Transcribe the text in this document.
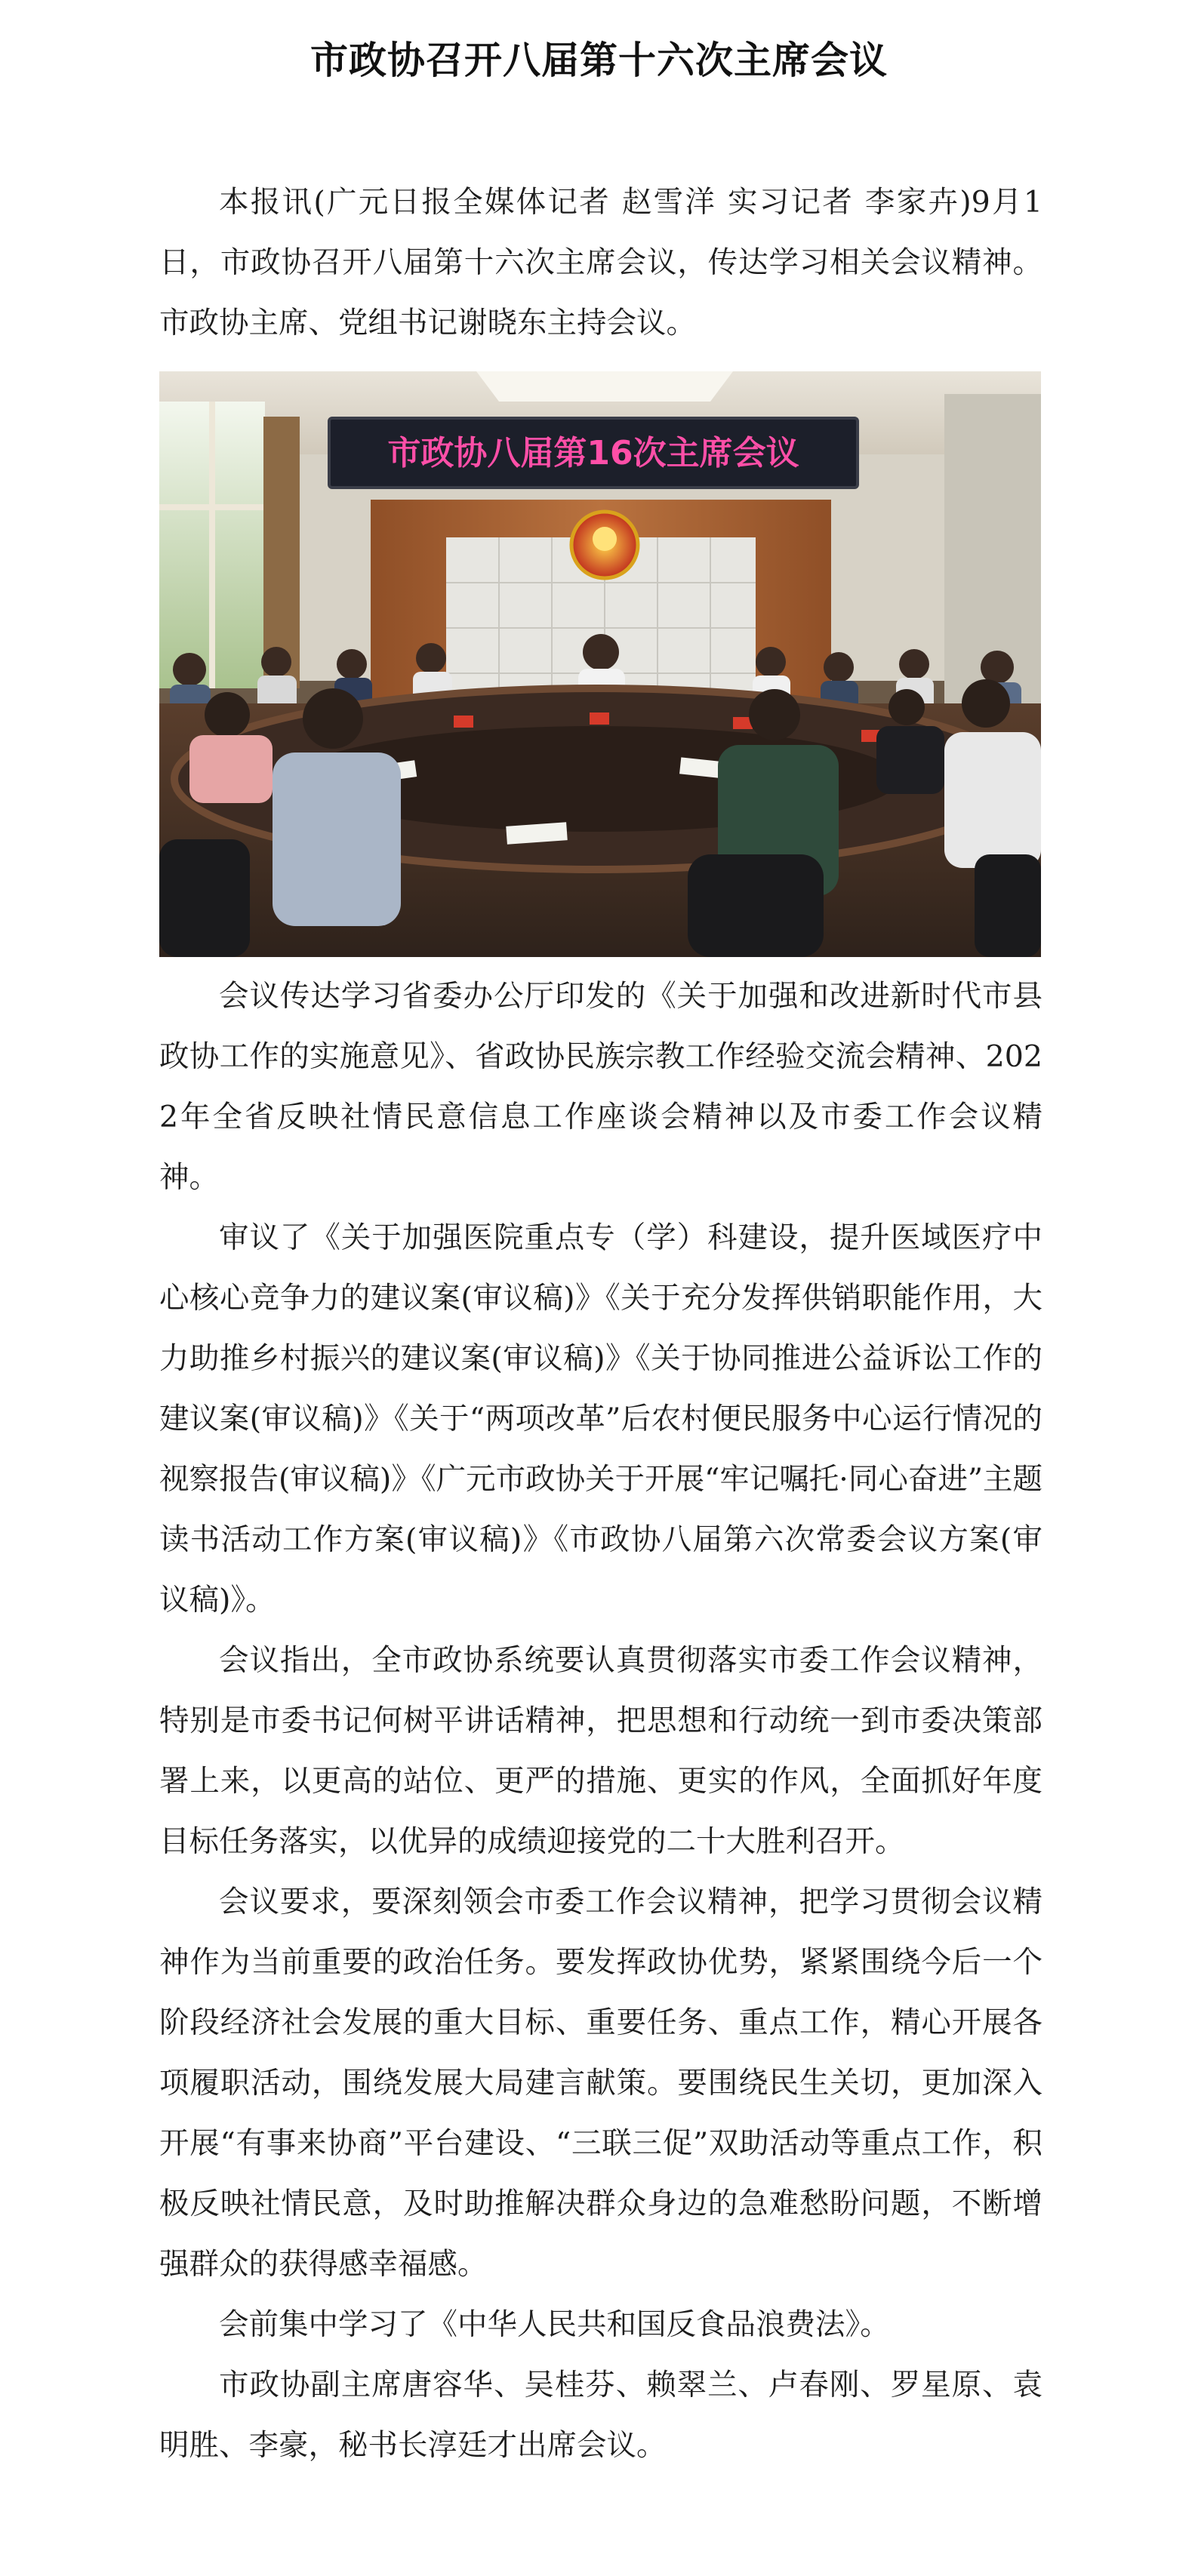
市政协召开八届第十六次主席会议

本报讯(广元日报全媒体记者 赵雪洋 实习记者 李家卉)9月1日，市政协召开八届第十六次主席会议，传达学习相关会议精神。市政协主席、党组书记谢晓东主持会议。

市政协八届第16次主席会议

会议传达学习省委办公厅印发的《关于加强和改进新时代市县政协工作的实施意见》、省政协民族宗教工作经验交流会精神、2022年全省反映社情民意信息工作座谈会精神以及市委工作会议精神。

审议了《关于加强医院重点专（学）科建设，提升医域医疗中心核心竞争力的建议案(审议稿)》《关于充分发挥供销职能作用，大力助推乡村振兴的建议案(审议稿)》《关于协同推进公益诉讼工作的建议案(审议稿)》《关于“两项改革”后农村便民服务中心运行情况的视察报告(审议稿)》《广元市政协关于开展“牢记嘱托·同心奋进”主题读书活动工作方案(审议稿)》《市政协八届第六次常委会议方案(审议稿)》。

会议指出，全市政协系统要认真贯彻落实市委工作会议精神，特别是市委书记何树平讲话精神，把思想和行动统一到市委决策部署上来，以更高的站位、更严的措施、更实的作风，全面抓好年度目标任务落实，以优异的成绩迎接党的二十大胜利召开。

会议要求，要深刻领会市委工作会议精神，把学习贯彻会议精神作为当前重要的政治任务。要发挥政协优势，紧紧围绕今后一个阶段经济社会发展的重大目标、重要任务、重点工作，精心开展各项履职活动，围绕发展大局建言献策。要围绕民生关切，更加深入开展“有事来协商”平台建设、“三联三促”双助活动等重点工作，积极反映社情民意，及时助推解决群众身边的急难愁盼问题，不断增强群众的获得感幸福感。

会前集中学习了《中华人民共和国反食品浪费法》。

市政协副主席唐容华、吴桂芬、赖翠兰、卢春刚、罗星原、袁明胜、李豪，秘书长淳廷才出席会议。
